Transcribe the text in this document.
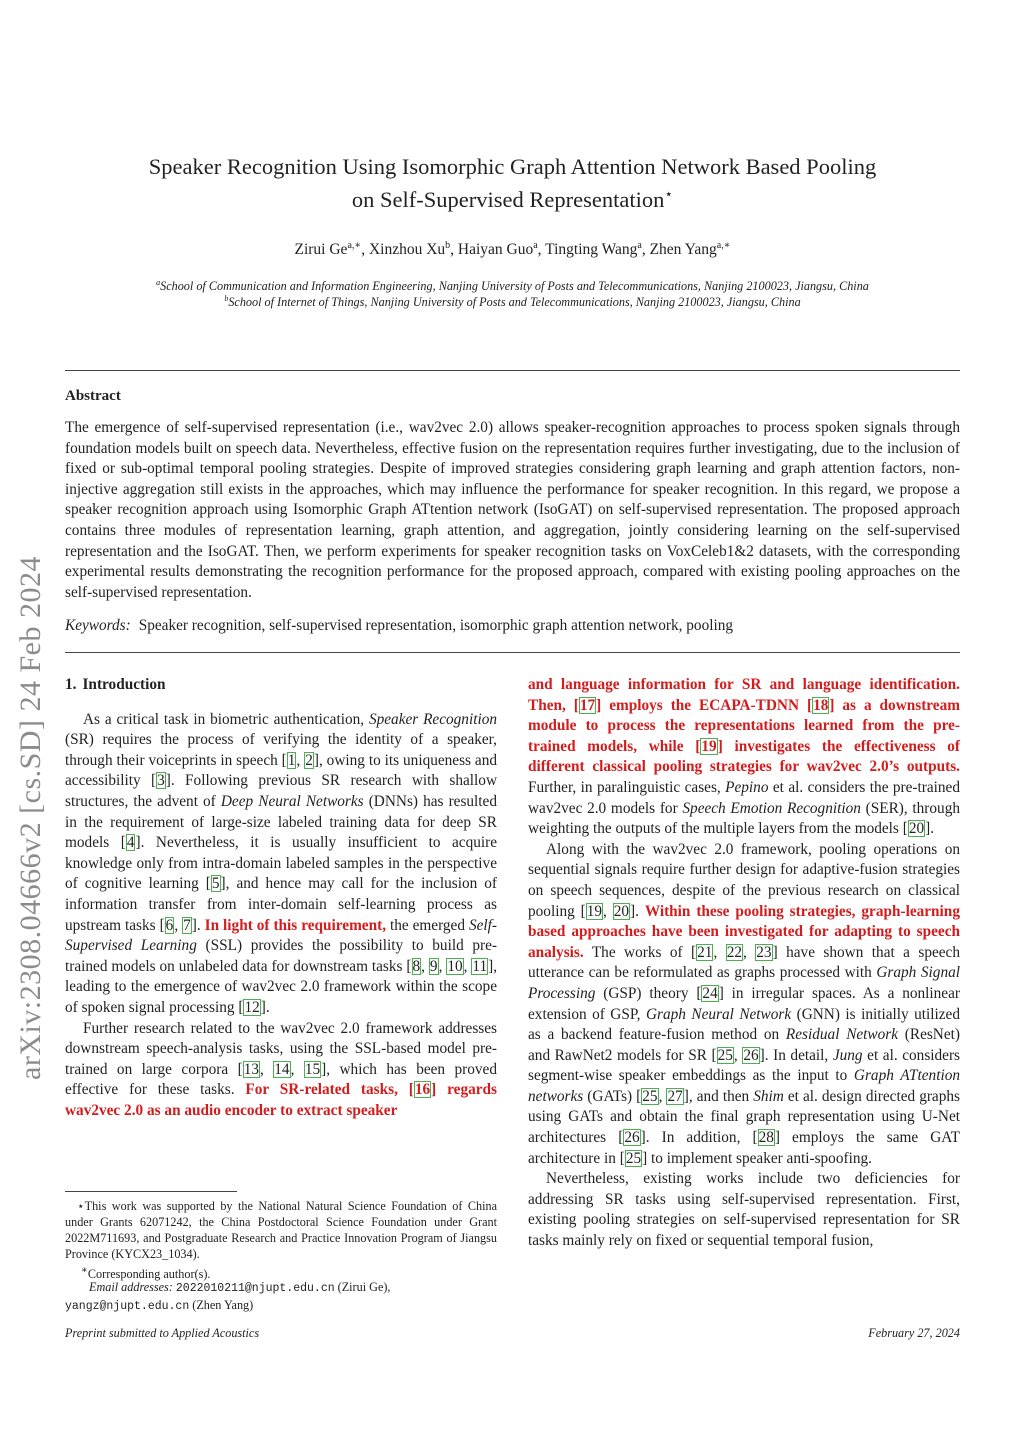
arXiv:2308.04666v2 [cs.SD] 24 Feb 2024
Speaker Recognition Using Isomorphic Graph Attention Network Based Pooling
on Self-Supervised Representation⋆
Zirui $Ge^{a,∗}$, Xinzhou Xu$^b$, Haiyan Guo$^a$, Tingting Wang$^a$, Zhen Yang$^{a,∗}$
$^a$School of Communication and Information Engineering, Nanjing University of Posts and Telecommunications, Nanjing 2100023, Jiangsu, China
$^b$School of Internet of Things, Nanjing University of Posts and Telecommunications, Nanjing 2100023, Jiangsu, China
Abstract
The emergence of self-supervised representation (i.e., wav2vec 2.0) allows speaker-recognition approaches to process spoken signals through foundation models built on speech data. Nevertheless, effective fusion on the representation requires further investigating, due to the inclusion of fixed or sub-optimal temporal pooling strategies. Despite of improved strategies considering graph learning and graph attention factors, non-injective aggregation still exists in the approaches, which may influence the performance for speaker recognition. In this regard, we propose a speaker recognition approach using Isomorphic Graph ATtention network (IsoGAT) on self-supervised representation. The proposed approach contains three modules of representation learning, graph attention, and aggregation, jointly considering learning on the self-supervised representation and the IsoGAT. Then, we perform experiments for speaker recognition tasks on VoxCeleb1&2 datasets, with the corresponding experimental results demonstrating the recognition performance for the proposed approach, compared with existing pooling approaches on the self-supervised representation.
Keywords: Speaker recognition, self-supervised representation, isomorphic graph attention network, pooling
1. Introduction

As a critical task in biometric authentication, Speaker Recognition (SR) requires the process of verifying the identity of a speaker, through their voiceprints in speech [1, 2], owing to its uniqueness and accessibility [3]. Following previous SR research with shallow structures, the advent of Deep Neural Networks (DNNs) has resulted in the requirement of large-size labeled training data for deep SR models [4]. Nevertheless, it is usually insufficient to acquire knowledge only from intra-domain labeled samples in the perspective of cognitive learning [5], and hence may call for the inclusion of information transfer from inter-domain self-learning process as upstream tasks [6, 7]. In light of this requirement, the emerged Self-Supervised Learning (SSL) provides the possibility to build pre-trained models on unlabeled data for downstream tasks [8, 9, 10, 11], leading to the emergence of wav2vec 2.0 framework within the scope of spoken signal processing [12].

Further research related to the wav2vec 2.0 framework addresses downstream speech-analysis tasks, using the SSL-based model pre-trained on large corpora [13, 14, 15], which has been proved effective for these tasks. For SR-related tasks, [16] regards wav2vec 2.0 as an audio encoder to extract speaker

and language information for SR and language identification. Then, [17] employs the ECAPA-TDNN [18] as a downstream module to process the representations learned from the pre-trained models, while [19] investigates the effectiveness of different classical pooling strategies for wav2vec 2.0’s outputs. Further, in paralinguistic cases, Pepino et al. considers the pre-trained wav2vec 2.0 models for Speech Emotion Recognition (SER), through weighting the outputs of the multiple layers from the models [20].

Along with the wav2vec 2.0 framework, pooling operations on sequential signals require further design for adaptive-fusion strategies on speech sequences, despite of the previous research on classical pooling [19, 20]. Within these pooling strategies, graph-learning based approaches have been investigated for adapting to speech analysis. The works of [21, 22, 23] have shown that a speech utterance can be reformulated as graphs processed with Graph Signal Processing (GSP) theory [24] in irregular spaces. As a nonlinear extension of GSP, Graph Neural Network (GNN) is initially utilized as a backend feature-fusion method on Residual Network (ResNet) and RawNet2 models for SR [25, 26]. In detail, Jung et al. considers segment-wise speaker embeddings as the input to Graph ATtention networks (GATs) [25, 27], and then Shim et al. design directed graphs using GATs and obtain the final graph representation using U-Net architectures [26]. In addition, [28] employs the same GAT architecture in [25] to implement speaker anti-spoofing.

Nevertheless, existing works include two deficiencies for addressing SR tasks using self-supervised representation. First, existing pooling strategies on self-supervised representation for SR tasks mainly rely on fixed or sequential temporal fusion,

⋆This work was supported by the National Natural Science Foundation of China under Grants 62071242, the China Postdoctoral Science Foundation under Grant 2022M711693, and Postgraduate Research and Practice Innovation Program of Jiangsu Province (KYCX23_1034).
∗Corresponding author(s).
Email addresses: 2022010211@njupt.edu.cn (Zirui Ge),
yangz@njupt.edu.cn (Zhen Yang)
Preprint submitted to Applied Acoustics	February 27, 2024
